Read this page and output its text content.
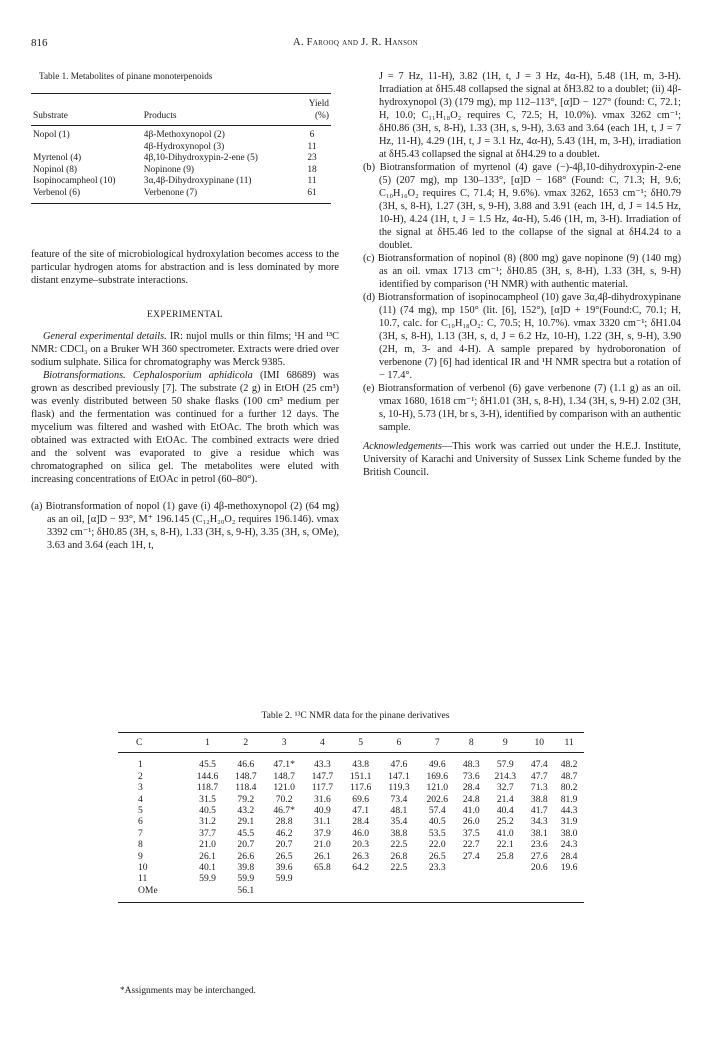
816	A. Farooq and J. R. Hanson
Table 1. Metabolites of pinane monoterpenoids

Substrate	Products	Yield (%)
Nopol (1)	4β-Methoxynopol (2)	6
	4β-Hydroxynopol (3)	11
Myrtenol (4)	4β,10-Dihydroxypin-2-ene (5)	23
Nopinol (8)	Nopinone (9)	18
Isopinocampheol (10)	3α,4β-Dihydroxypinane (11)	11
Verbenol (6)	Verbenone (7)	61

feature of the site of microbiological hydroxylation becomes access to the particular hydrogen atoms for abstraction and is less dominated by more distant enzyme–substrate interactions.

EXPERIMENTAL

General experimental details. IR: nujol mulls or thin films; ¹H and ¹³C NMR: CDCl₃ on a Bruker WH 360 spectrometer. Extracts were dried over sodium sulphate. Silica for chromatography was Merck 9385.

Biotransformations. Cephalosporium aphidicola (IMI 68689) was grown as described previously [7]. The substrate (2 g) in EtOH (25 cm³) was evenly distributed between 50 shake flasks (100 cm³ medium per flask) and the fermentation was continued for a further 12 days. The mycelium was filtered and washed with EtOAc. The broth which was obtained was extracted with EtOAc. The combined extracts were dried and the solvent was evaporated to give a residue which was chromatographed on silica gel. The metabolites were eluted with increasing concentrations of EtOAc in petrol (60–80°).

(a) Biotransformation of nopol (1) gave (i) 4β-methoxynopol (2) (64 mg) as an oil, [α]D − 93°, M⁺ 196.145 (C₁₂H₂₀O₂ requires 196.146). νmax 3392 cm⁻¹; δH0.85 (3H, s, 8-H), 1.33 (3H, s, 9-H), 3.35 (3H, s, OMe), 3.63 and 3.64 (each 1H, t,

J = 7 Hz, 11-H), 3.82 (1H, t, J = 3 Hz, 4α-H), 5.48 (1H, m, 3-H). Irradiation at δH5.48 collapsed the signal at δH3.82 to a doublet; (ii) 4β-hydroxynopol (3) (179 mg), mp 112–113°, [α]D − 127° (found: C, 72.1; H, 10.0; C₁₁H₁₈O₂ requires C, 72.5; H, 10.0%). νmax 3262 cm⁻¹; δH0.86 (3H, s, 8-H), 1.33 (3H, s, 9-H), 3.63 and 3.64 (each 1H, t, J = 7 Hz, 11-H), 4.29 (1H, t, J = 3.1 Hz, 4α-H), 5.43 (1H, m, 3-H), irradiation at δH5.43 collapsed the signal at δH4.29 to a doublet.

(b) Biotransformation of myrtenol (4) gave (−)-4β,10-dihydroxypin-2-ene (5) (207 mg), mp 130–133°, [α]D − 168° (Found: C, 71.3; H, 9.6; C₁₀H₁₆O₂ requires C, 71.4; H, 9.6%). νmax 3262, 1653 cm⁻¹; δH0.79 (3H, s, 8-H), 1.27 (3H, s, 9-H), 3.88 and 3.91 (each 1H, d, J = 14.5 Hz, 10-H), 4.24 (1H, t, J = 1.5 Hz, 4α-H), 5.46 (1H, m, 3-H). Irradiation of the signal at δH5.46 led to the collapse of the signal at δH4.24 to a doublet.

(c) Biotransformation of nopinol (8) (800 mg) gave nopinone (9) (140 mg) as an oil. νmax 1713 cm⁻¹; δH0.85 (3H, s, 8-H), 1.33 (3H, s, 9-H) identified by comparison (¹H NMR) with authentic material.

(d) Biotransformation of isopinocampheol (10) gave 3α,4β-dihydroxypinane (11) (74 mg), mp 150° (lit. [6], 152°), [α]D + 19°(Found:C, 70.1; H, 10.7, calc. for C₁₀H₁₈O₂: C, 70.5; H, 10.7%). νmax 3320 cm⁻¹; δH1.04 (3H, s, 8-H), 1.13 (3H, s, d, J = 6.2 Hz, 10-H), 1.22 (3H, s, 9-H), 3.90 (2H, m, 3- and 4-H). A sample prepared by hydroboronation of verbenone (7) [6] had identical IR and ¹H NMR spectra but a rotation of − 17.4°.

(e) Biotransformation of verbenol (6) gave verbenone (7) (1.1 g) as an oil. νmax 1680, 1618 cm⁻¹; δH1.01 (3H, s, 8-H), 1.34 (3H, s, 9-H) 2.02 (3H, s, 10-H), 5.73 (1H, br s, 3-H), identified by comparison with an authentic sample.

Acknowledgements—This work was carried out under the H.E.J. Institute, University of Karachi and University of Sussex Link Scheme funded by the British Council.

Table 2. ¹³C NMR data for the pinane derivatives

C	1	2	3	4	5	6	7	8	9	10	11
1	45.5	46.6	47.1*	43.3	43.8	47.6	49.6	48.3	57.9	47.4	48.2
2	144.6	148.7	148.7	147.7	151.1	147.1	169.6	73.6	214.3	47.7	48.7
3	118.7	118.4	121.0	117.7	117.6	119.3	121.0	28.4	32.7	71.3	80.2
4	31.5	79.2	70.2	31.6	69.6	73.4	202.6	24.8	21.4	38.8	81.9
5	40.5	43.2	46.7*	40.9	47.1	48.1	57.4	41.0	40.4	41.7	44.3
6	31.2	29.1	28.8	31.1	28.4	35.4	40.5	26.0	25.2	34.3	31.9
7	37.7	45.5	46.2	37.9	46.0	38.8	53.5	37.5	41.0	38.1	38.0
8	21.0	20.7	20.7	21.0	20.3	22.5	22.0	22.7	22.1	23.6	24.3
9	26.1	26.6	26.5	26.1	26.3	26.8	26.5	27.4	25.8	27.6	28.4
10	40.1	39.8	39.6	65.8	64.2	22.5	23.3			20.6	19.6
11	59.9	59.9	59.9								
OMe		56.1									
*Assignments may be interchanged.
